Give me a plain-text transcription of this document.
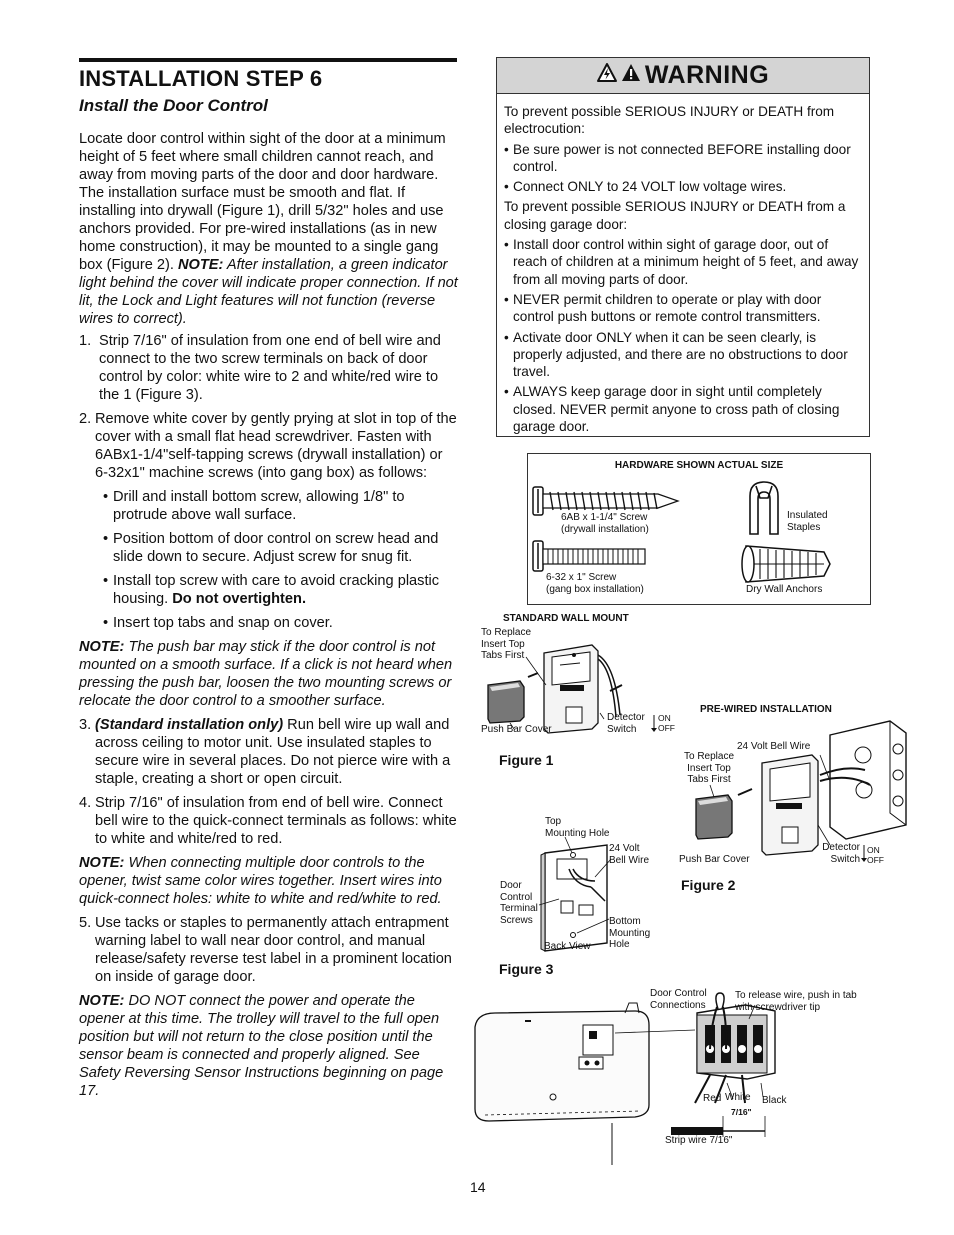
INSTALLATION STEP 6
Install the Door Control
Locate door control within sight of the door at a minimum height of 5 feet where small children cannot reach, and away from moving parts of the door and door hardware. The installation surface must be smooth and flat. If installing into drywall (Figure 1), drill 5/32" holes and use anchors provided. For pre-wired installations (as in new home construction), it may be mounted to a single gang box (Figure 2). NOTE: After installation, a green indicator light behind the cover will indicate proper connection. If not lit, the Lock and Light features will not function (reverse wires to correct).
1. Strip 7/16" of insulation from one end of bell wire and connect to the two screw terminals on back of door control by color: white wire to 2 and white/red wire to the 1 (Figure 3).
2. Remove white cover by gently prying at slot in top of the cover with a small flat head screwdriver. Fasten with 6ABx1-1/4"self-tapping screws (drywall installation) or 6-32x1" machine screws (into gang box) as follows:
• Drill and install bottom screw, allowing 1/8" to protrude above wall surface.
• Position bottom of door control on screw head and slide down to secure. Adjust screw for snug fit.
• Install top screw with care to avoid cracking plastic housing. Do not overtighten.
• Insert top tabs and snap on cover.
NOTE: The push bar may stick if the door control is not mounted on a smooth surface. If a click is not heard when pressing the push bar, loosen the two mounting screws or relocate the door control to a smoother surface.
3. (Standard installation only) Run bell wire up wall and across ceiling to motor unit. Use insulated staples to secure wire in several places. Do not pierce wire with a staple, creating a short or open circuit.
4. Strip 7/16" of insulation from end of bell wire. Connect bell wire to the quick-connect terminals as follows: white to white and white/red to red.
NOTE: When connecting multiple door controls to the opener, twist same color wires together. Insert wires into quick-connect holes: white to white and red/white to red.
5. Use tacks or staples to permanently attach entrapment warning label to wall near door control, and manual release/safety reverse test label in a prominent location on inside of garage door.
NOTE: DO NOT connect the power and operate the opener at this time. The trolley will travel to the full open position but will not return to the close position until the sensor beam is connected and properly aligned. See Safety Reversing Sensor Instructions beginning on page 17.
WARNING
To prevent possible SERIOUS INJURY or DEATH from electrocution:
• Be sure power is not connected BEFORE installing door control.
• Connect ONLY to 24 VOLT low voltage wires.
To prevent possible SERIOUS INJURY or DEATH from a closing garage door:
• Install door control within sight of garage door, out of reach of children at a minimum height of 5 feet, and away from all moving parts of door.
• NEVER permit children to operate or play with door control push buttons or remote control transmitters.
• Activate door ONLY when it can be seen clearly, is properly adjusted, and there are no obstructions to door travel.
• ALWAYS keep garage door in sight until completely closed. NEVER permit anyone to cross path of closing garage door.
HARDWARE SHOWN ACTUAL SIZE
6AB x 1-1/4" Screw
(drywall installation)
6-32 x 1" Screw
(gang box installation)
Insulated
Staples
Dry Wall Anchors
STANDARD WALL MOUNT
To Replace
Insert Top
Tabs First
Push Bar Cover
Detector
Switch
ON
OFF
Figure 1
PRE-WIRED INSTALLATION
24 Volt Bell Wire
To Replace
Insert Top
Tabs First
Push Bar Cover
Detector
Switch
ON
OFF
Figure 2
Top
Mounting Hole
24 Volt
Bell Wire
Door
Control
Terminal
Screws	Bottom
Mounting
Hole
Back View
Figure 3
Door Control
Connections
To release wire, push in tab
with screwdriver tip
Red White Black
7/16"
Strip wire 7/16"
14
